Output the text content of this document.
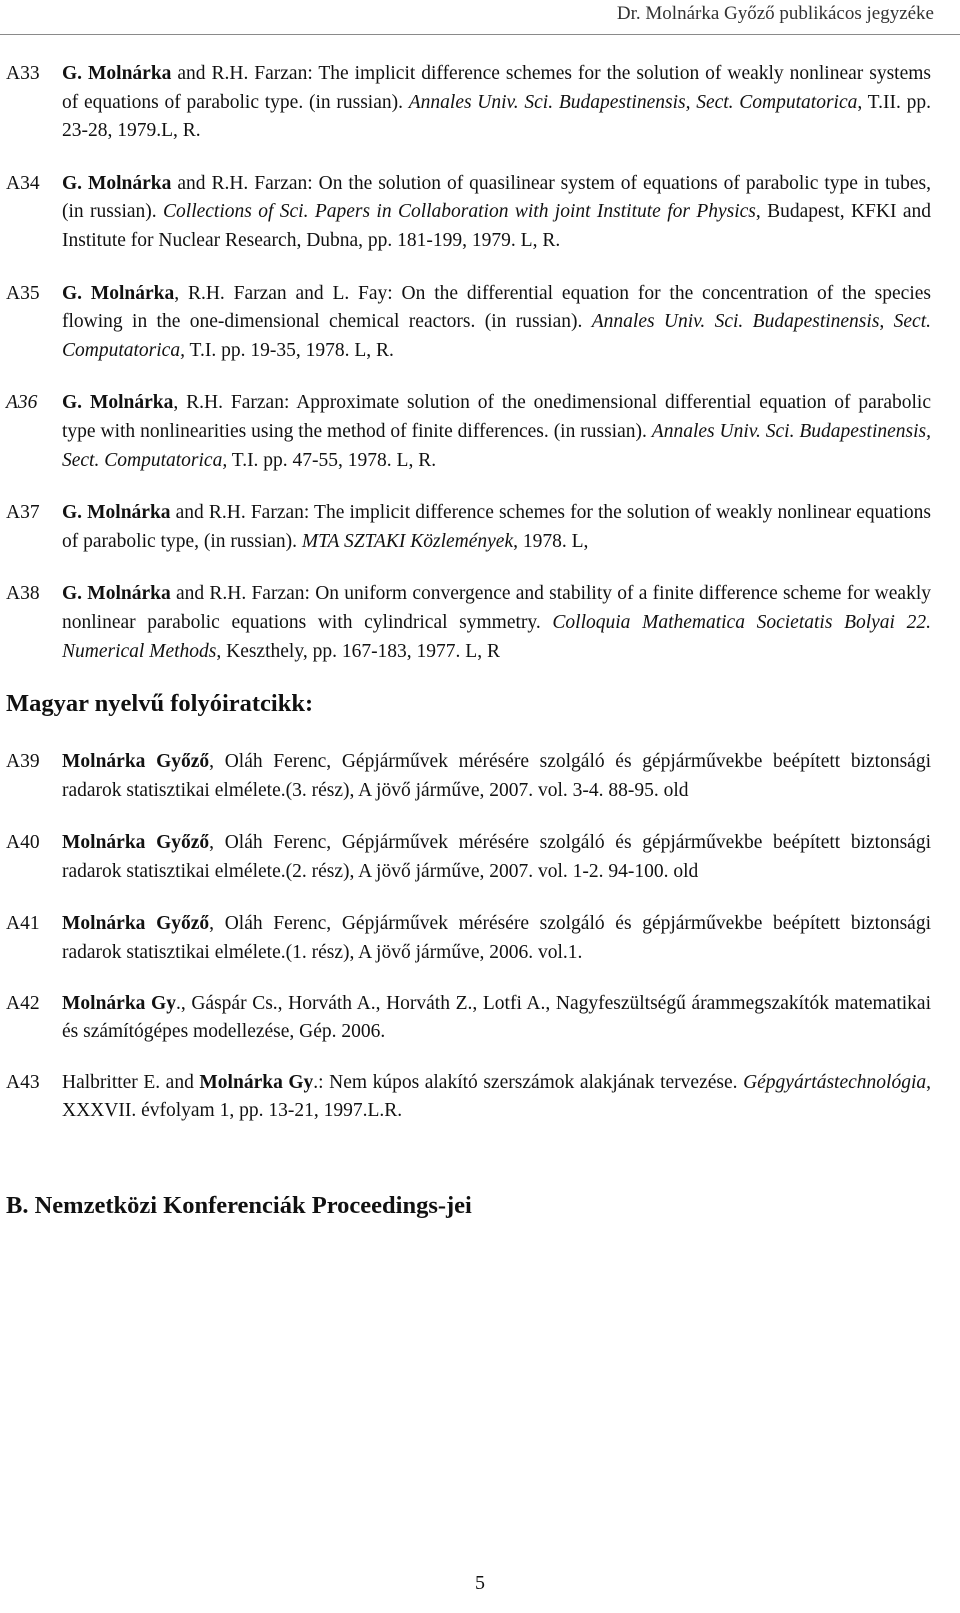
Dr. Molnárka Győző publikácos jegyzéke
A33 G. Molnárka and R.H. Farzan: The implicit difference schemes for the solution of weakly nonlinear systems of equations of parabolic type. (in russian). Annales Univ. Sci. Budapestinensis, Sect. Computatorica, T.II. pp. 23-28, 1979.L, R.
A34 G. Molnárka and R.H. Farzan: On the solution of quasilinear system of equations of parabolic type in tubes, (in russian). Collections of Sci. Papers in Collaboration with joint Institute for Physics, Budapest, KFKI and Institute for Nuclear Research, Dubna, pp. 181-199, 1979. L, R.
A35 G. Molnárka, R.H. Farzan and L. Fay: On the differential equation for the concentration of the species flowing in the one-dimensional chemical reactors. (in russian). Annales Univ. Sci. Budapestinensis, Sect. Computatorica, T.I. pp. 19-35, 1978. L, R.
A36 G. Molnárka, R.H. Farzan: Approximate solution of the onedimensional differential equation of parabolic type with nonlinearities using the method of finite differences. (in russian). Annales Univ. Sci. Budapestinensis, Sect. Computatorica, T.I. pp. 47-55, 1978. L, R.
A37 G. Molnárka and R.H. Farzan: The implicit difference schemes for the solution of weakly nonlinear equations of parabolic type, (in russian). MTA SZTAKI Közlemények, 1978. L,
A38 G. Molnárka and R.H. Farzan: On uniform convergence and stability of a finite difference scheme for weakly nonlinear parabolic equations with cylindrical symmetry. Colloquia Mathematica Societatis Bolyai 22. Numerical Methods, Keszthely, pp. 167-183, 1977. L, R
Magyar nyelvű folyóiratcikk:
A39 Molnárka Győző, Oláh Ferenc, Gépjárművek mérésére szolgáló és gépjárművekbe beépített biztonsági radarok statisztikai elmélete.(3. rész), A jövő járműve, 2007. vol. 3-4. 88-95. old
A40 Molnárka Győző, Oláh Ferenc, Gépjárművek mérésére szolgáló és gépjárművekbe beépített biztonsági radarok statisztikai elmélete.(2. rész), A jövő járműve, 2007. vol. 1-2. 94-100. old
A41 Molnárka Győző, Oláh Ferenc, Gépjárművek mérésére szolgáló és gépjárművekbe beépített biztonsági radarok statisztikai elmélete.(1. rész), A jövő járműve, 2006. vol.1.
A42 Molnárka Gy., Gáspár Cs., Horváth A., Horváth Z., Lotfi A., Nagyfeszültségű árammegszakítók matematikai és számítógépes modellezése, Gép. 2006.
A43 Halbritter E. and Molnárka Gy.: Nem kúpos alakító szerszámok alakjának tervezése. Gépgyártástechnológia, XXXVII. évfolyam 1, pp. 13-21, 1997.L.R.
B. Nemzetközi Konferenciák Proceedings-jei
5
